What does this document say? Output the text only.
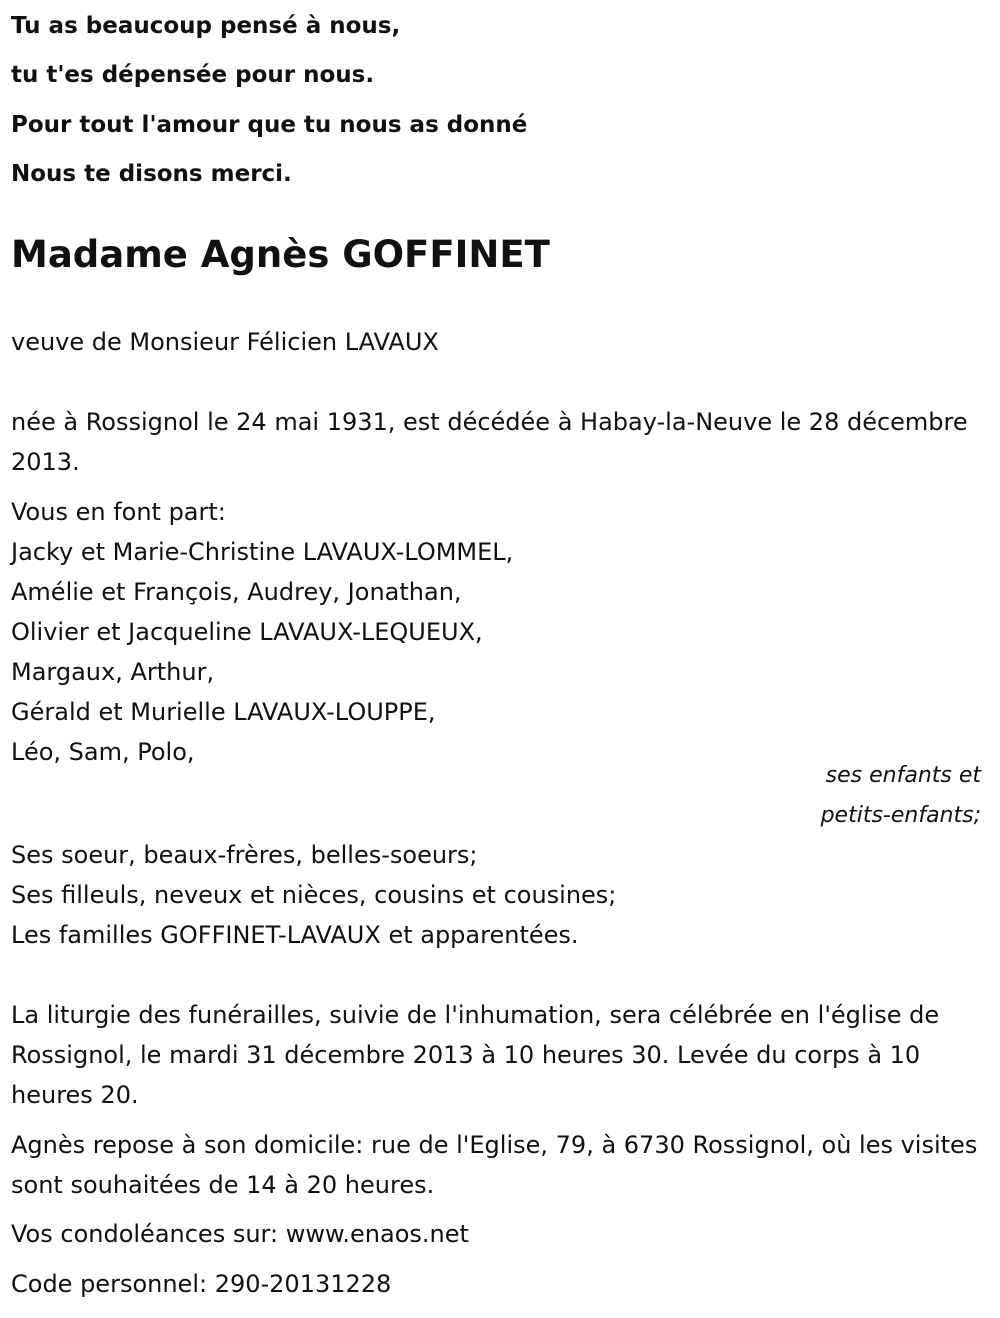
Tu as beaucoup pensé à nous,
tu t'es dépensée pour nous.
Pour tout l'amour que tu nous as donné
Nous te disons merci.
Madame Agnès GOFFINET
veuve de Monsieur Félicien LAVAUX
née à Rossignol le 24 mai 1931, est décédée à Habay-la-Neuve le 28 décembre 2013.
Vous en font part:
Jacky et Marie-Christine LAVAUX-LOMMEL,
Amélie et François, Audrey, Jonathan,
Olivier et Jacqueline LAVAUX-LEQUEUX,
Margaux, Arthur,
Gérald et Murielle LAVAUX-LOUPPE,
Léo, Sam, Polo,
ses enfants et
petits-enfants;
Ses soeur, beaux-frères, belles-soeurs;
Ses filleuls, neveux et nièces, cousins et cousines;
Les familles GOFFINET-LAVAUX et apparentées.
La liturgie des funérailles, suivie de l'inhumation, sera célébrée en l'église de Rossignol, le mardi 31 décembre 2013 à 10 heures 30. Levée du corps à 10 heures 20.
Agnès repose à son domicile: rue de l'Eglise, 79, à 6730 Rossignol, où les visites sont souhaitées de 14 à 20 heures.
Vos condoléances sur: www.enaos.net
Code personnel: 290-20131228
